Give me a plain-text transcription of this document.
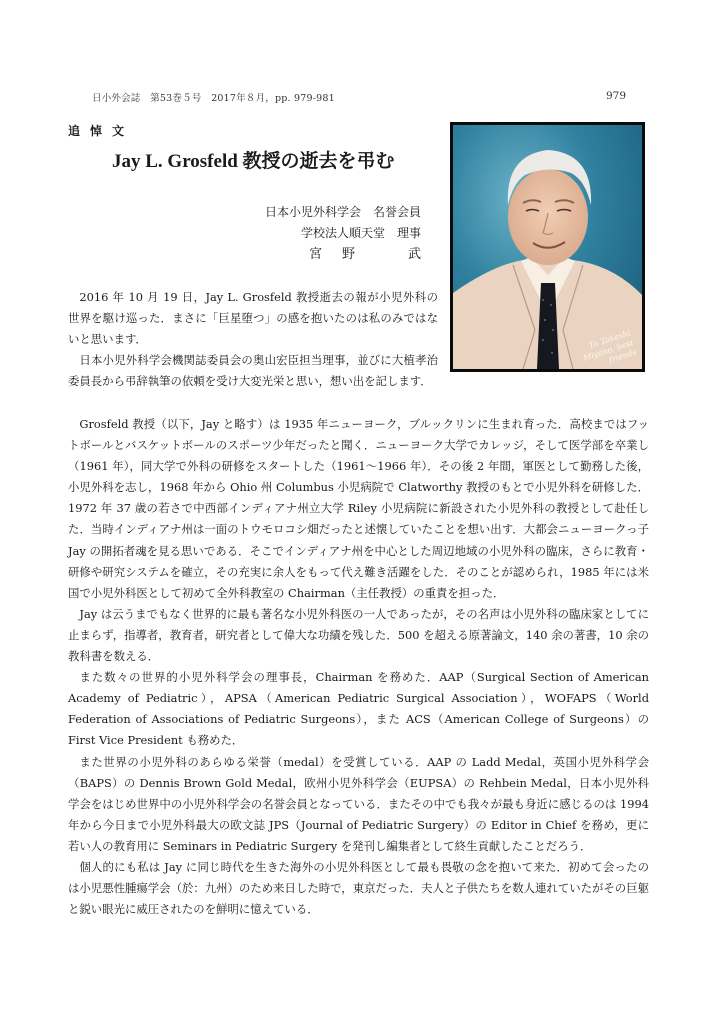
日小外会誌　第53巻５号　2017年８月，pp. 979-981	979
追悼文
Jay L. Grosfeld 教授の逝去を弔む
日本小児外科学会　名誉会員
学校法人順天堂　理事
宮野　武
To Takeshi Miyano, best friends

2016 年 10 月 19 日，Jay L. Grosfeld 教授逝去の報が小児外科の世界を駆け巡った．まさに「巨星堕つ」の感を抱いたのは私のみではないと思います．

日本小児外科学会機関誌委員会の奥山宏臣担当理事，並びに大植孝治委員長から弔辞執筆の依頼を受け大変光栄と思い，想い出を記します．

Grosfeld 教授（以下，Jay と略す）は 1935 年ニューヨーク，ブルックリンに生まれ育った．高校まではフットボールとバスケットボールのスポーツ少年だったと聞く．ニューヨーク大学でカレッジ，そして医学部を卒業し（1961 年），同大学で外科の研修をスタートした（1961～1966 年）．その後 2 年間，軍医として勤務した後，小児外科を志し，1968 年から Ohio 州 Columbus 小児病院で Clatworthy 教授のもとで小児外科を研修した．1972 年 37 歳の若さで中西部インディアナ州立大学 Riley 小児病院に新設された小児外科の教授として赴任した．当時インディアナ州は一面のトウモロコシ畑だったと述懐していたことを想い出す．大都会ニューヨークっ子 Jay の開拓者魂を見る思いである．そこでインディアナ州を中心とした周辺地域の小児外科の臨床，さらに教育・研修や研究システムを確立，その充実に余人をもって代え難き活躍をした．そのことが認められ，1985 年には米国で小児外科医として初めて全外科教室の Chairman（主任教授）の重責を担った．

Jay は云うまでもなく世界的に最も著名な小児外科医の一人であったが，その名声は小児外科の臨床家としてに止まらず，指導者，教育者，研究者として偉大な功績を残した．500 を超える原著論文，140 余の著書，10 余の教科書を数える．

また数々の世界的小児外科学会の理事長，Chairman を務めた．AAP（Surgical Section of American Academy of Pediatric），APSA（American Pediatric Surgical Association），WOFAPS（World Federation of Associations of Pediatric Surgeons），また ACS（American College of Surgeons）の First Vice President も務めた．

また世界の小児外科のあらゆる栄誉（medal）を受賞している．AAP の Ladd Medal，英国小児外科学会（BAPS）の Dennis Brown Gold Medal，欧州小児外科学会（EUPSA）の Rehbein Medal，日本小児外科学会をはじめ世界中の小児外科学会の名誉会員となっている．またその中でも我々が最も身近に感じるのは 1994 年から今日まで小児外科最大の欧文誌 JPS（Journal of Pediatric Surgery）の Editor in Chief を務め，更に若い人の教育用に Seminars in Pediatric Surgery を発刊し編集者として終生貢献したことだろう．

個人的にも私は Jay に同じ時代を生きた海外の小児外科医として最も畏敬の念を抱いて来た．初めて会ったのは小児悪性腫瘍学会（於：九州）のため来日した時で，東京だった．夫人と子供たちを数人連れていたがその巨躯と鋭い眼光に威圧されたのを鮮明に憶えている．
